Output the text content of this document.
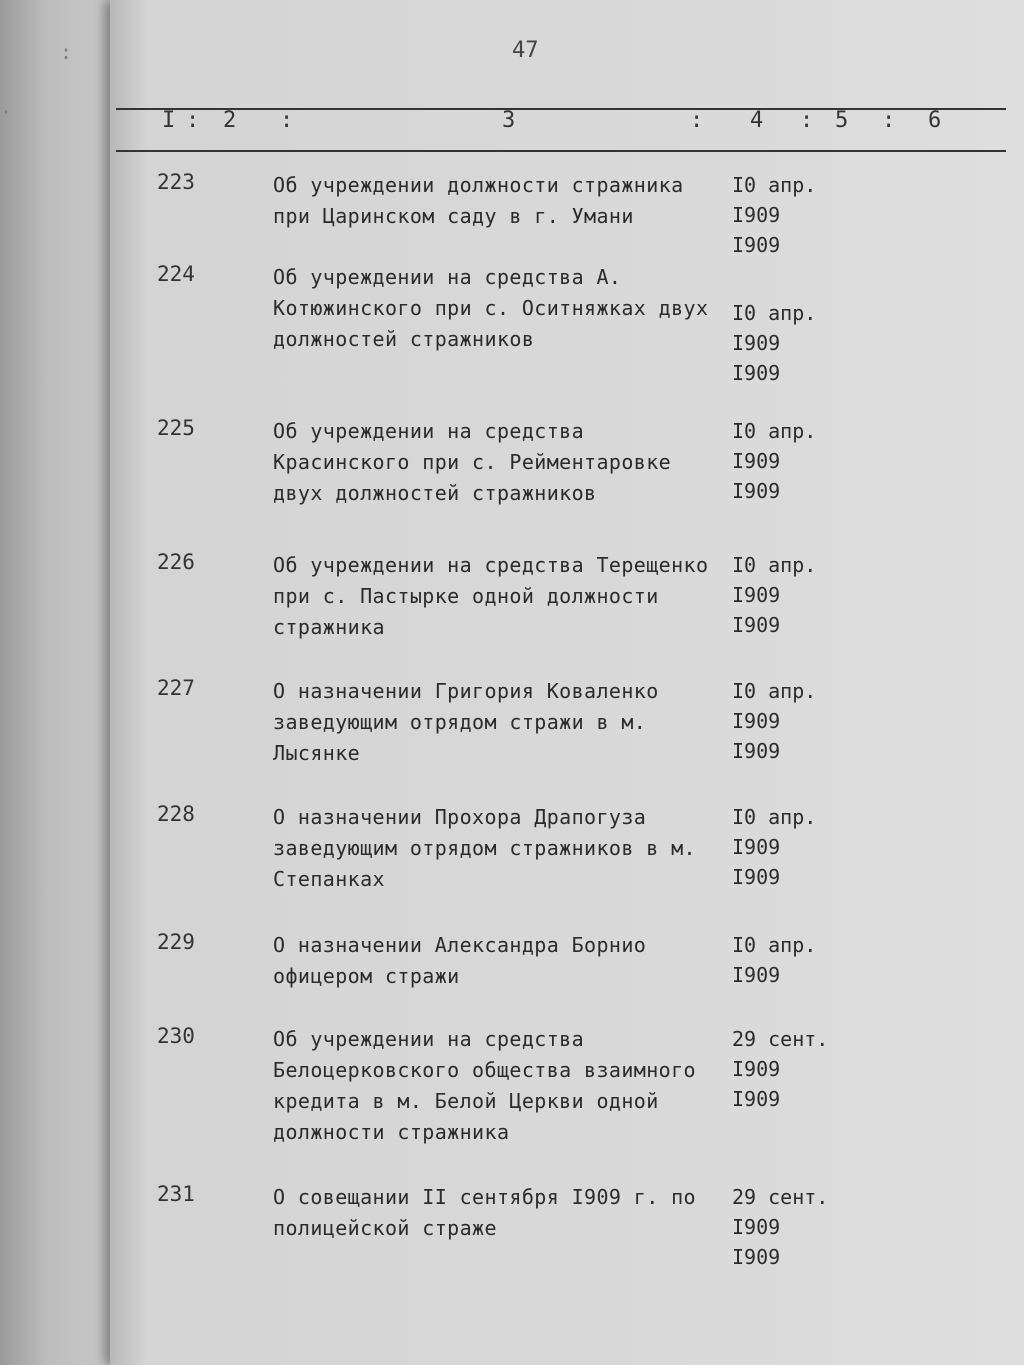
:
·
47
I : 2 :	3	: 4 : 5 : 6
223	Об учреждении должности стражника при Царинском саду в г. Умани
I0 апр.
I909
I909
224	Об учреждении на средства А. Котюжинского при с. Оситняжках двух должностей стражников
I0 апр.
I909
I909
225	Об учреждении на средства Красинского при с. Рейментаровке двух должностей стражников
I0 апр.
I909
I909
226	Об учреждении на средства Терещенко при с. Пастырке одной должности стражника
I0 апр.
I909
I909
227	О назначении Григория Коваленко заведующим отрядом стражи в м. Лысянке
I0 апр.
I909
I909
228	О назначении Прохора Драпогуза заведующим отрядом стражников в м. Степанках
I0 апр.
I909
I909
229	О назначении Александра Борнио офицером стражи
I0 апр.
I909
230	Об учреждении на средства Белоцерковского общества взаимного кредита в м. Белой Церкви одной должности стражника
29 сент.
I909
I909
231	О совещании II сентября I909 г. по полицейской страже
29 сент.
I909
I909
